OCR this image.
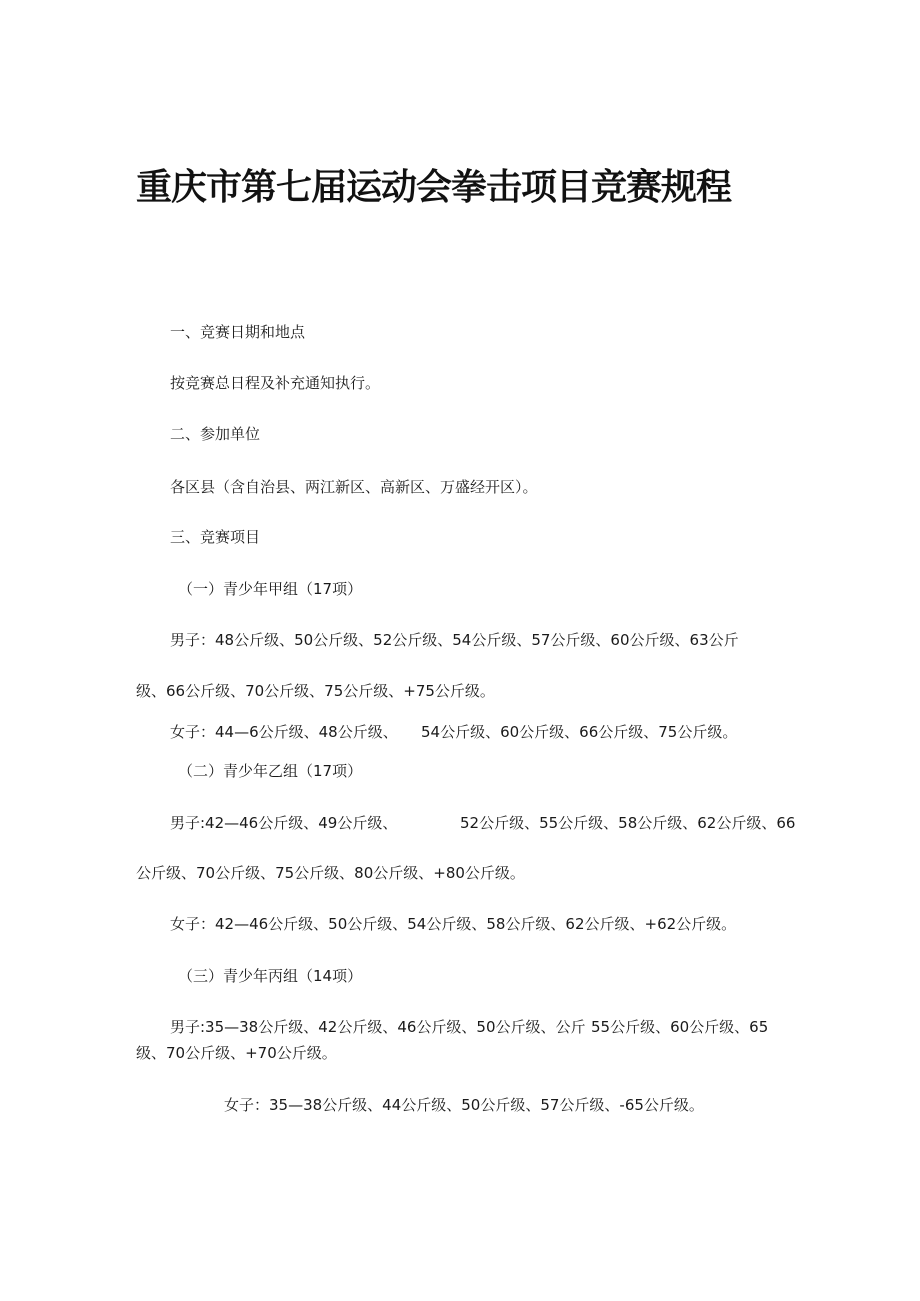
重庆市第七届运动会拳击项目竞赛规程
一、竞赛日期和地点
按竞赛总日程及补充通知执行。
二、参加单位
各区县（含自治县、两江新区、高新区、万盛经开区）。
三、竞赛项目
（一）青少年甲组（17项）
男子：48公斤级、50公斤级、52公斤级、54公斤级、57公斤级、60公斤级、63公斤
级、66公斤级、70公斤级、75公斤级、+75公斤级。
女子：44—6公斤级、48公斤级、 54公斤级、60公斤级、66公斤级、75公斤级。
（二）青少年乙组（17项）
男子:42—46公斤级、49公斤级、	52公斤级、55公斤级、58公斤级、62公斤级、66
公斤级、70公斤级、75公斤级、80公斤级、+80公斤级。
女子：42—46公斤级、50公斤级、54公斤级、58公斤级、62公斤级、+62公斤级。
（三）青少年丙组（14项）
男子:35—38公斤级、42公斤级、46公斤级、50公斤级、公斤 55公斤级、60公斤级、65
级、70公斤级、+70公斤级。
女子：35—38公斤级、44公斤级、50公斤级、57公斤级、-65公斤级。
